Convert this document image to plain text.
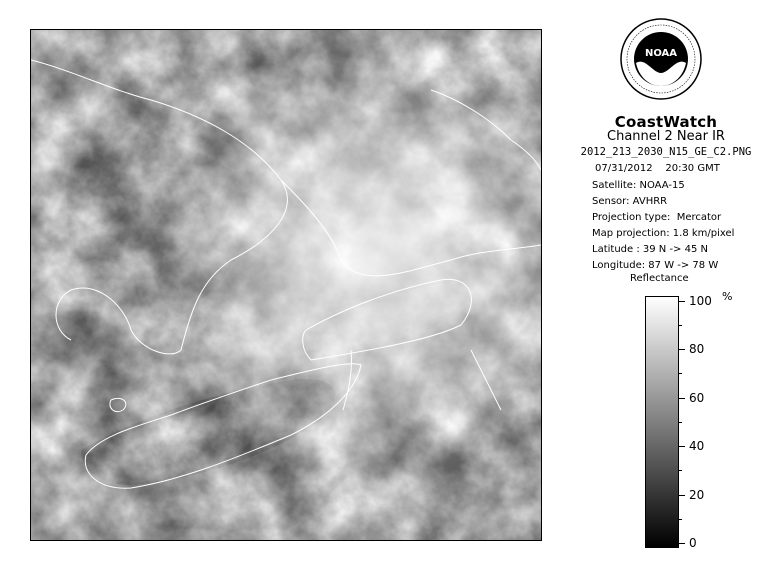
NOAA
CoastWatch
Channel 2 Near IR
2012_213_2030_N15_GE_C2.PNG
07/31/2012    20:30 GMT
Satellite: NOAA-15
Sensor: AVHRR
Projection type:  Mercator
Map projection: 1.8 km/pixel
Latitude : 39 N -> 45 N
Longitude: 87 W -> 78 W
Reflectance
%
100
80
60
40
20
0
